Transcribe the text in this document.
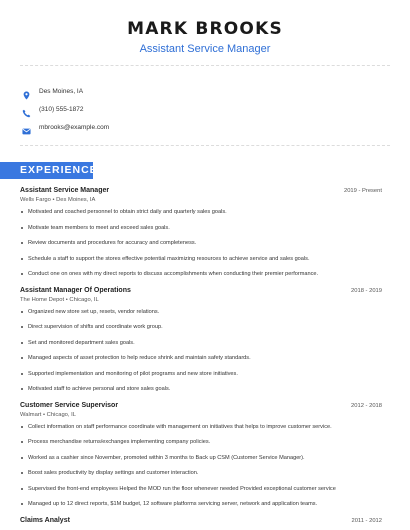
MARK BROOKS
Assistant Service Manager
Des Moines, IA
(310) 555-1872
mbrooks@example.com
EXPERIENCE
Assistant Service Manager	2019 - Present
Wells Fargo • Des Moines, IA
Motivated and coached personnel to obtain strict daily and quarterly sales goals.
Motivate team members to meet and exceed sales goals.
Review documents and procedures for accuracy and completeness.
Schedule a staff to support the stores effective potential maximizing resources to achieve service and sales goals.
Conduct one on ones with my direct reports to discuss accomplishments when conducting their premier performance.
Assistant Manager Of Operations	2018 - 2019
The Home Depot • Chicago, IL
Organized new store set up, resets, vendor relations.
Direct supervision of shifts and coordinate work group.
Set and monitored department sales goals.
Managed aspects of asset protection to help reduce shrink and maintain safety standards.
Supported implementation and monitoring of pilot programs and new store initiatives.
Motivated staff to achieve personal and store sales goals.
Customer Service Supervisor	2012 - 2018
Walmart • Chicago, IL
Collect information on staff performance coordinate with management on initiatives that helps to improve customer service.
Process merchandise returns/exchanges implementing company policies.
Worked as a cashier since November, promoted within 3 months to Back up CSM (Customer Service Manager).
Boost sales productivity by display settings and customer interaction.
Supervised the front-end employees Helped the MOD run the floor whenever needed Provided exceptional customer service
Managed up to 12 direct reports, $1M budget, 12 software platforms servicing server, network and application teams.
Claims Analyst	2011 - 2012
